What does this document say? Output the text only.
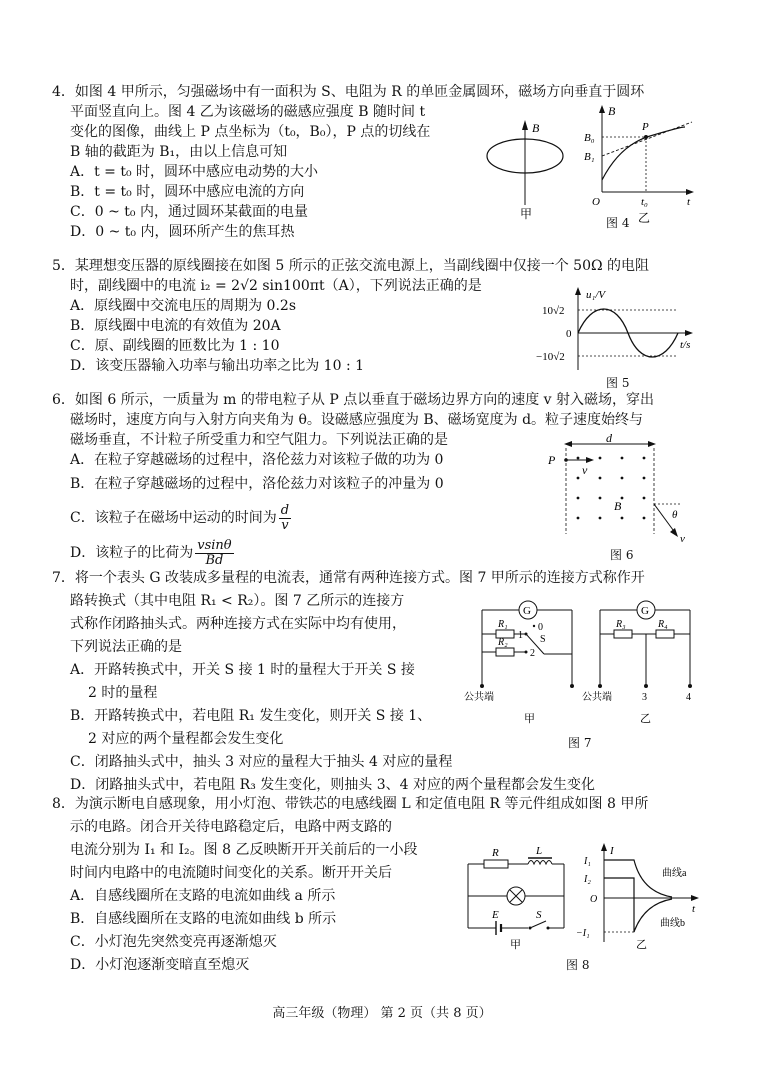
4．如图 4 甲所示，匀强磁场中有一面积为 S、电阻为 R 的单匝金属圆环，磁场方向垂直于圆环
平面竖直向上。图 4 乙为该磁场的磁感应强度 B 随时间 t
变化的图像，曲线上 P 点坐标为（t₀，B₀），P 点的切线在
B 轴的截距为 B₁，由以上信息可知
A．t = t₀ 时，圆环中感应电动势的大小
B．t = t₀ 时，圆环中感应电流的方向
C．0 ~ t₀ 内，通过圆环某截面的电量
D．0 ~ t₀ 内，圆环所产生的焦耳热
B
甲
B
P
B₀
B₁
O	t₀	t
乙
图 4
5．某理想变压器的原线圈接在如图 5 所示的正弦交流电源上，当副线圈中仅接一个 50Ω 的电阻
时，副线圈中的电流 i₂ = 2√2 sin100πt（A），下列说法正确的是
A．原线圈中交流电压的周期为 0.2s
B．原线圈中电流的有效值为 20A
C．原、副线圈的匝数比为 1 : 10
D．该变压器输入功率与输出功率之比为 10 : 1
u₁/V
10√2
0
−10√2
t/s
图 5
6．如图 6 所示，一质量为 m 的带电粒子从 P 点以垂直于磁场边界方向的速度 v 射入磁场，穿出
磁场时，速度方向与入射方向夹角为 θ。设磁感应强度为 B、磁场宽度为 d。粒子速度始终与
磁场垂直，不计粒子所受重力和空气阻力。下列说法正确的是
A．在粒子穿越磁场的过程中，洛伦兹力对该粒子做的功为 0
B．在粒子穿越磁场的过程中，洛伦兹力对该粒子的冲量为 0
C．该粒子在磁场中运动的时间为 d
v
D．该粒子的比荷为 vsinθ
Bd
d
P
v
B
θ
v
图 6
7．将一个表头 G 改装成多量程的电流表，通常有两种连接方式。图 7 甲所示的连接方式称作开
路转换式（其中电阻 R₁ < R₂）。图 7 乙所示的连接方
式称作闭路抽头式。两种连接方式在实际中均有使用，
下列说法正确的是
A．开路转换式中，开关 S 接 1 时的量程大于开关 S 接
2 时的量程
B．开路转换式中，若电阻 R₁ 发生变化，则开关 S 接 1、
2 对应的两个量程都会发生变化
C．闭路抽头式中，抽头 3 对应的量程大于抽头 4 对应的量程
D．闭路抽头式中，若电阻 R₃ 发生变化，则抽头 3、4 对应的两个量程都会发生变化
G
R₁
R₂
1
2
0
S
公共端
甲
G
R₃	R₄
公共端	3	4
乙
图 7
8．为演示断电自感现象，用小灯泡、带铁芯的电感线圈 L 和定值电阻 R 等元件组成如图 8 甲所
示的电路。闭合开关待电路稳定后，电路中两支路的
电流分别为 I₁ 和 I₂。图 8 乙反映断开开关前后的一小段
时间内电路中的电流随时间变化的关系。断开开关后
A．自感线圈所在支路的电流如曲线 a 所示
B．自感线圈所在支路的电流如曲线 b 所示
C．小灯泡先突然变亮再逐渐熄灭
D．小灯泡逐渐变暗直至熄灭
R	L
E	S
甲
I
I₁
I₂
O
−I₁
t
曲线a
曲线b
乙
图 8
高三年级（物理） 第 2 页（共 8 页）
